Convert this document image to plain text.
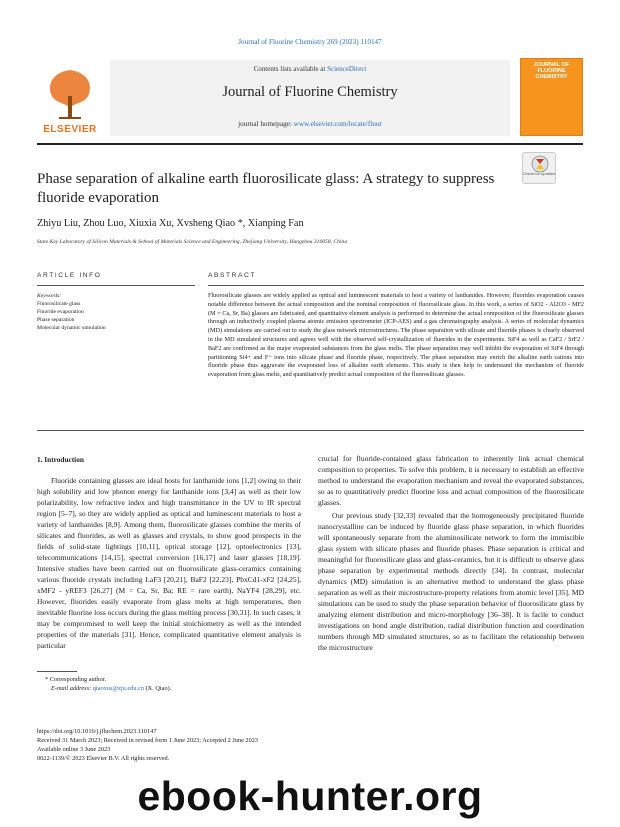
Journal of Fluorine Chemistry 269 (2023) 110147
ELSEVIER
Contents lists available at ScienceDirect
Journal of Fluorine Chemistry
journal homepage: www.elsevier.com/locate/fluor
JOURNAL OF FLUORINE CHEMISTRY
Check for updates
Phase separation of alkaline earth fluorosilicate glass: A strategy to suppress fluoride evaporation
Zhiyu Liu, Zhou Luo, Xiuxia Xu, Xvsheng Qiao *, Xianping Fan
State Key Laboratory of Silicon Materials & School of Materials Science and Engineering, Zhejiang University, Hangzhou 310058, China
ARTICLE INFO
Keywords:
Fluorosilicate glass
Fluoride evaporation
Phase separation
Molecular dynamic simulation
ABSTRACT
Fluorosilicate glasses are widely applied as optical and luminescent materials to host a variety of lanthanides. However, fluorides evaporation causes notable difference between the actual composition and the nominal composition of fluorosilicate glass. In this work, a series of SiO2 - Al2O3 - MF2 (M = Ca, Sr, Ba) glasses are fabricated, and quantitative element analysis is performed to determine the actual composition of the fluorosilicate glasses through an inductively coupled plasma atomic emission spectrometer (ICP-AES) and a gas chromatography analysis. A series of molecular dynamics (MD) simulations are carried out to study the glass network microstructures. The phase separation with silicate and fluoride phases is clearly observed in the MD simulated structures and agrees well with the observed self-crystallization of fluorides in the experiments. SiF4 as well as CaF2 / SrF2 / BaF2 are confirmed as the major evaporated substances from the glass melts. The phase separation may well inhibit the evaporation of SiF4 through partitioning Si4+ and F− ions into silicate phase and fluoride phase, respectively. The phase separation may enrich the alkaline earth cations into fluoride phase thus aggravate the evaporated loss of alkaline earth elements. This study is then help to understand the mechanism of fluoride evaporation from glass melts, and quantitatively predict actual composition of the fluorosilicate glasses.
1. Introduction
Fluoride containing glasses are ideal hosts for lanthanide ions [1,2] owing to their high solubility and low phonon energy for lanthanide ions [3,4] as well as their low polarizability, low refractive index and high transmittance in the UV to IR spectral region [5–7], so they are widely applied as optical and luminescent materials to host a variety of lanthanides [8,9]. Among them, fluorosilicate glasses combine the merits of silicates and fluorides, as well as glasses and crystals, to show good prospects in the fields of solid-state lightings [10,11], optical storage [12], optoelectronics [13], telecommunications [14,15], spectral conversion [16,17] and laser glasses [18,19]. Intensive studies have been carried out on fluorosilicate glass-ceramics containing various fluoride crystals including LaF3 [20,21], BaF2 [22,23], PbxCd1-xF2 [24,25], xMF2 - yREF3 [26,27] (M = Ca, Sr, Ba; RE = rare earth), NaYF4 [28,29], etc. However, fluorides easily evaporate from glass melts at high temperatures, then inevitable fluorine loss occurs during the glass melting process [30,31]. In such cases, it may be compromised to well keep the initial stoichiometry as well as the intended properties of the materials [31]. Hence, complicated quantitative element analysis is particular

crucial for fluoride-contained glass fabrication to inherently link actual chemical composition to properties. To solve this problem, it is necessary to establish an effective method to understand the evaporation mechanism and reveal the evaporated substances, so as to quantitatively predict fluorine loss and actual composition of the fluorosilicate glasses.

Our previous study [32,33] revealed that the homogeneously precipitated fluoride nanocrystalline can be induced by fluoride glass phase separation, in which fluorides will spontaneously separate from the aluminosilicate network to form the immiscible glass system with silicate phases and fluoride phases. Phase separation is critical and meaningful for fluorosilicate glass and glass-ceramics, but it is difficult to observe glass phase separation by experimental methods directly [34]. In contrast, molecular dynamics (MD) simulation is an alternative method to understand the glass phase separation as well as their microstructure-property relations from atomic level [35]. MD simulations can be used to study the phase separation behavior of fluorosilicate glass by analyzing element distribution and micro-morphology [36–38]. It is facile to conduct investigations on bond angle distribution, radial distribution function and coordination numbers through MD simulated structures, so as to facilitate the relationship between the microstructure

* Corresponding author.
E-mail address: qiaoxus@zju.edu.cn (X. Qiao).
https://doi.org/10.1016/j.jfluchem.2023.110147
Received 31 March 2023; Received in revised form 1 June 2023; Accepted 2 June 2023
Available online 3 June 2023
0022-1139/© 2023 Elsevier B.V. All rights reserved.
ebook-hunter.org
